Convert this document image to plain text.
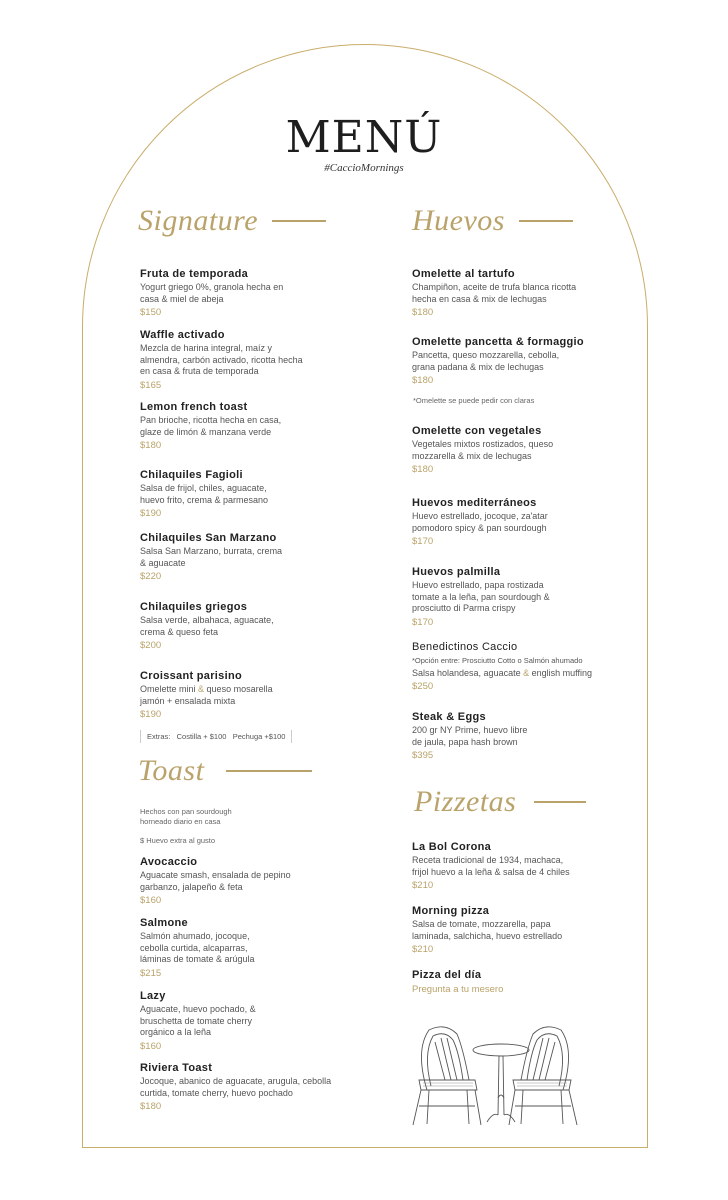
MENÚ
#CaccioMornings
Signature
Fruta de temporada
Yogurt griego 0%, granola hecha en casa & miel de abeja
$150
Waffle activado
Mezcla de harina integral, maíz y almendra, carbón activado, ricotta hecha en casa & fruta de temporada
$165
Lemon french toast
Pan brioche, ricotta hecha en casa, glaze de limón & manzana verde
$180
Chilaquiles Fagioli
Salsa de frijol, chiles, aguacate, huevo frito, crema & parmesano
$190
Chilaquiles San Marzano
Salsa San Marzano, burrata, crema & aguacate
$220
Chilaquiles griegos
Salsa verde, albahaca, aguacate, crema & queso feta
$200
Croissant parisino
Omelette mini & queso mosarella jamón + ensalada mixta
$190
Extras: Costilla + $100 Pechuga +$100
Toast
Hechos con pan sourdough horneado diario en casa
$ Huevo extra al gusto
Avocaccio
Aguacate smash, ensalada de pepino garbanzo, jalapeño & feta
$160
Salmone
Salmón ahumado, jocoque, cebolla curtida, alcaparras, láminas de tomate & arúgula
$215
Lazy
Aguacate, huevo pochado, & bruschetta de tomate cherry orgánico a la leña
$160
Riviera Toast
Jocoque, abanico de aguacate, arugula, cebolla curtida, tomate cherry, huevo pochado
$180
Huevos
Omelette al tartufo
Champiñon, aceite de trufa blanca ricotta hecha en casa & mix de lechugas
$180
Omelette pancetta & formaggio
Pancetta, queso mozzarella, cebolla, grana padana & mix de lechugas
$180
*Omelette se puede pedir con claras
Omelette con vegetales
Vegetales mixtos rostizados, queso mozzarella & mix de lechugas
$180
Huevos mediterráneos
Huevo estrellado, jocoque, za'atar pomodoro spicy & pan sourdough
$170
Huevos palmilla
Huevo estrellado, papa rostizada tomate a la leña, pan sourdough & prosciutto di Parma crispy
$170
Benedictinos Caccio
*Opción entre: Prosciutto Cotto o Salmón ahumado
Salsa holandesa, aguacate & english muffing
$250
Steak & Eggs
200 gr NY Prime, huevo libre de jaula, papa hash brown
$395
Pizzetas
La Bol Corona
Receta tradicional de 1934, machaca, frijol huevo a la leña & salsa de 4 chiles
$210
Morning pizza
Salsa de tomate, mozzarella, papa laminada, salchicha, huevo estrellado
$210
Pizza del día
Pregunta a tu mesero
